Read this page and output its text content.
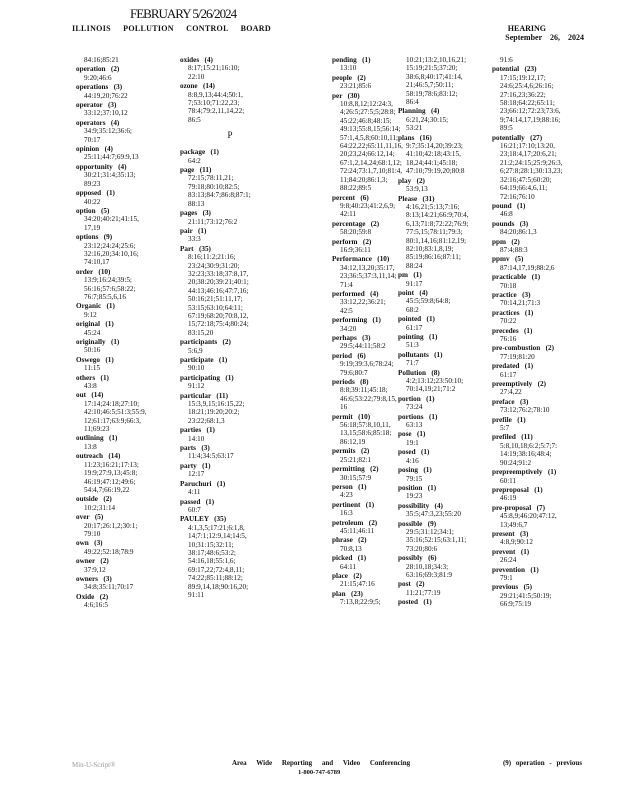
FEBRUARY 5/26/2024
ILLINOIS POLLUTION CONTROL BOARD	HEARING
September 26, 2024
84:16;85:21
operation   (2)
9:20;46:6
operations   (3)
44:19,20;76:22
operator   (3)
33:12;37:10,12
operators   (4)
34:9;35:12;36:6;
70:17
opinion   (4)
25:11;44:7;69:9,13
opportunity   (4)
30:21;31:4;35:13;
89:23
opposed   (1)
40:22
option   (5)
34:20;40:21;41:15,
17,19
options   (9)
23:12;24:24;25:6;
32:16,20;34:10,16;
74:10,17
order   (10)
13:9;16:24;39:5;
56:16;57:6;58:22;
76:7;85:5,6,16
Organic   (1)
9:12
original   (1)
45:24
originally   (1)
50:16
Oswego   (1)
11:15
others   (1)
43:8
out   (14)
17:14;24:18;27:10;
42:10;46:5;51:3;55:9,
12;61:17;63:9;66:3,
11;69:23
outlining   (1)
13:8
outreach   (14)
11:23;16:21;17:13;
19:9;27:9,13;45:8;
46:19;47:12;49:6;
54:4,7;66:19,22
outside   (2)
10:2;31:14
over   (5)
20:17;26:1,2;30:1;
79:10
own   (3)
49:22;52:18;78:9
owner   (2)
37:9,12
owners   (3)
34:8;35:11;70:17
Oxide   (2)
4:6;16:5
oxides   (4)
8:17;15:21;16:10;
22:10
ozone   (14)
8:8,9,13;44:4;50:1,
7;53:10;71:22,23;
78:4;79:2,11,14,22;
86:5
P
package   (1)
64:2
page   (11)
72:15;78:11,21;
79:18;80:10;82:5;
83:13;84:7;86:8;87:1;
88:13
pages   (3)
21:11;73:12;76:2
pair   (1)
33:3
Part   (35)
8:16;11:2;21:16;
23:24;30:9;31:20;
32:23;33:18;37:8,17,
20;38:20;39:21;40:1;
44:13;46:16;47:7,16;
50:16;21;51:11,17;
53:15;63:10;64:11;
67:19;68:20;70:8,12,
15;72:18;75:4;80:24;
83:15,20
participants   (2)
5:6,9
participate   (1)
90:10
participating   (1)
91:12
particular   (11)
15:3,9,15;16:15,22;
18:21;19:20;20:2;
23:22;68:1,3
parties   (1)
14:10
parts   (3)
11:4;34:5;63:17
party   (1)
12:17
Paruchuri   (1)
4:11
passed   (1)
60:7
PAULEY   (35)
4:1,3,5;17:21;6:1,8,
14;7:1;12:9,14;14:5,
10;31:15;32:11;
38:17;48:6;53:2;
54:16,18;55:1,6;
69:17,22;72:4,8,11;
74:22;85:11;88:12;
89:9,14,18;90:16,20;
91:11
pending   (1)
13:10
people   (2)
23:21;85:6
per   (30)
10:8,8,12;12:24:3,
4;26:5;27:5;5;28:8;
45:22;46:8;48:15;
49:13;55:8,15;56:14;
57:1,4,5,8;60:10,11;
64:22,22;65:11,11,16,
20;23,24;66:12,14;
67:1,2,14,24;68:1,12;
72:24;73:1,7,10;81:4,
11;84:20;86:1,3;
88:22;89:5
percent   (6)
9:8;40:23;41:2,6,9;
42:11
percentage   (2)
58:20;59:8
perform   (2)
16:9;36:11
Performance   (10)
34:12,13,20;35:17,
23;36:5;37:3,11,14;
71:4
performed   (4)
33:12,22;36:21;
42:5
performing   (1)
34:20
perhaps   (3)
29:5;44:11;58:2
period   (6)
9:19;39:3,6;78:24;
79:6;80:7
periods   (8)
8:8;39:11;45:18;
46:6;53:22;79:8,15,
16
permit   (10)
56:18;57:8,10,11,
13,15;58:6;85:18;
86:12,19
permits   (2)
25:21;82:1
permitting   (2)
30:15;57:9
person   (1)
4:23
pertinent   (1)
16:3
petroleum   (2)
45:11;46:11
phrase   (2)
70:8,13
picked   (1)
64:11
place   (2)
21:15;47:16
plan   (23)
7:13,8;22:9;5;
10:21;13:2,10,16,21;
15:19;21:5;37:20;
38:6,8;40:17;41:14,
21;46:5,7;50:11;
58:19;78:6;83:12;
86:4
Planning   (4)
6:21,24;30:15;
53:21
plans   (16)
9:7;35:14,20;39:23;
41:10;42:18;43:15,
18,24;44:1;45:18;
47:10;79:19,20;80:8
play   (2)
53:9,13
Please   (31)
4:16,21;5:13;7:16;
8:13;14:21;66:9;70:4,
6,13;71:8;72:22;76:9;
77:5,15;78:11;79:3;
80:1,14,16;81:12,19;
82:10;83:1,8,19;
85:19;86:16;87:11;
88:24
pm   (1)
91:17
point   (4)
45:5;59:8;64:8;
68:2
pointed   (1)
61:17
pointing   (1)
51:3
pollutants   (1)
71:7
Pollution   (8)
4:2;13:12;23:50:10;
70:14,19;21;71:2
portion   (1)
73:24
portions   (1)
63:13
pose   (1)
19:1
posed   (1)
4:16
posing   (1)
79:15
position   (1)
19:23
possibility   (4)
35:5;47:3,23;55:20
possible   (9)
29:5;31:12;34:1;
35:16;52:15;63:1,11;
73:20;80:6
possibly   (6)
28:10,18;34:3;
63:16;69:3;81:9
post   (2)
11:21;77:19
posted   (1)
91:6
potential   (23)
17:15;19:12,17;
24:6;25:4,6;26:16;
27:16,23;36:22;
58:18;64:22;65:11;
23;66:12;72:23;73:6,
9;74:14,17,19;88:16;
89:5
potentially   (27)
16:21;17:10;13:20,
23;18:4,17;20:6,21;
21:2;24:15;25:9;26:3,
6;27:8;28:1;30:13,23;
32:16;47:5;60:20;
64:19;66:4,6,11;
72:16;76:10
pound   (1)
46:8
pounds   (3)
84:20;86:1,3
ppm   (2)
87:4;88:3
ppmv   (5)
87:14,17,19;88:2,6
practicable   (1)
70:18
practice   (3)
70:14,21;71:3
practices   (1)
70:22
precedes   (1)
76:16
pre-combustion   (2)
77:19;81:20
predated   (1)
61:17
preemptively   (2)
27:4,22
preface   (3)
73:12;76:2;78:10
prefile   (1)
5:7
prefiled   (11)
5:8,10,18;6:2;5:7;7:
14:19;38:16;48:4;
90:24;91:2
prepreemptively   (1)
60:11
preproposal   (1)
46:19
pre-proposal   (7)
45:8,9;46:20;47:12,
13;49:6,7
present   (3)
4:8,9;90:12
prevent   (1)
26:24
prevention   (1)
79:1
previous   (5)
29:21;41:5;50:19;
66:9;75:19
Min-U-Script®	Area Wide Reporting and Video Conferencing
1-800-747-6789
(9) operation - previous
